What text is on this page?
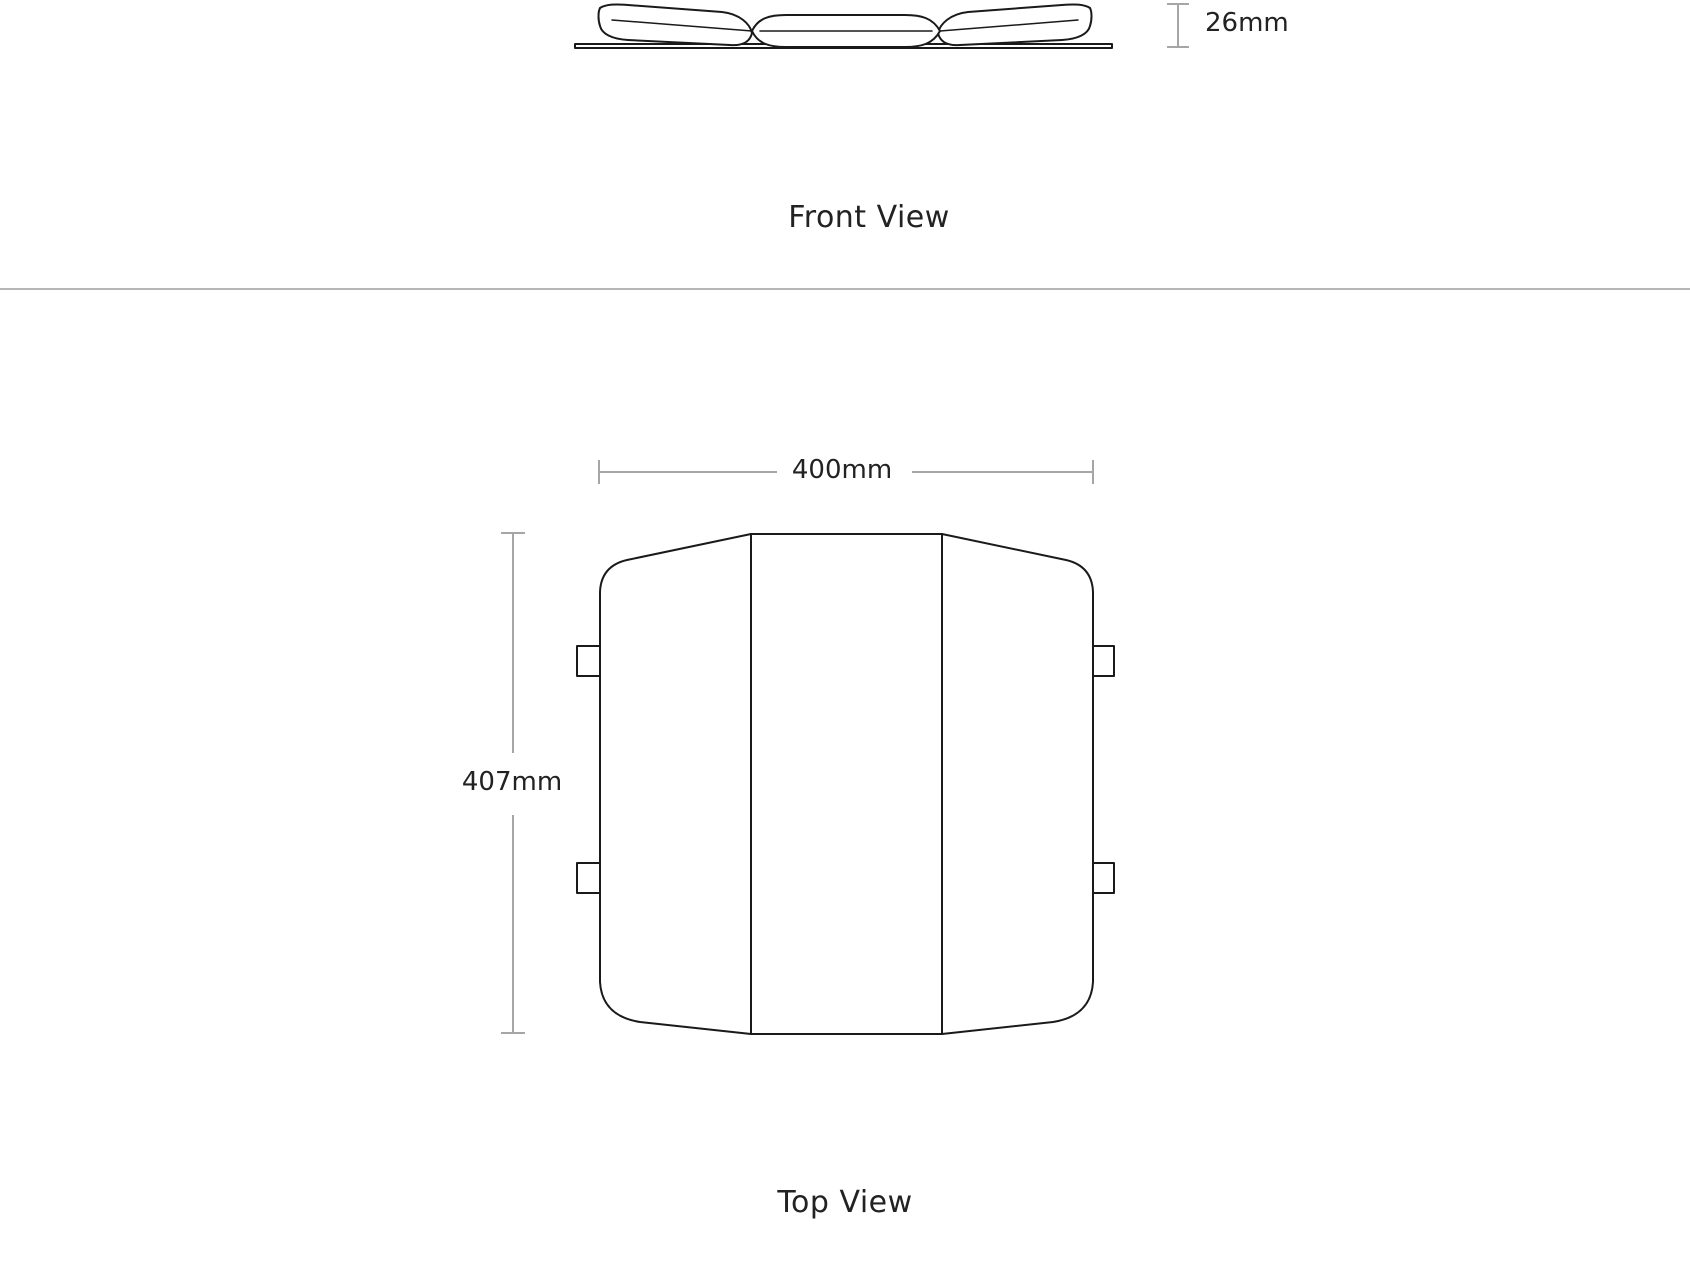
26mm
Front View
400mm
407mm
Top View
